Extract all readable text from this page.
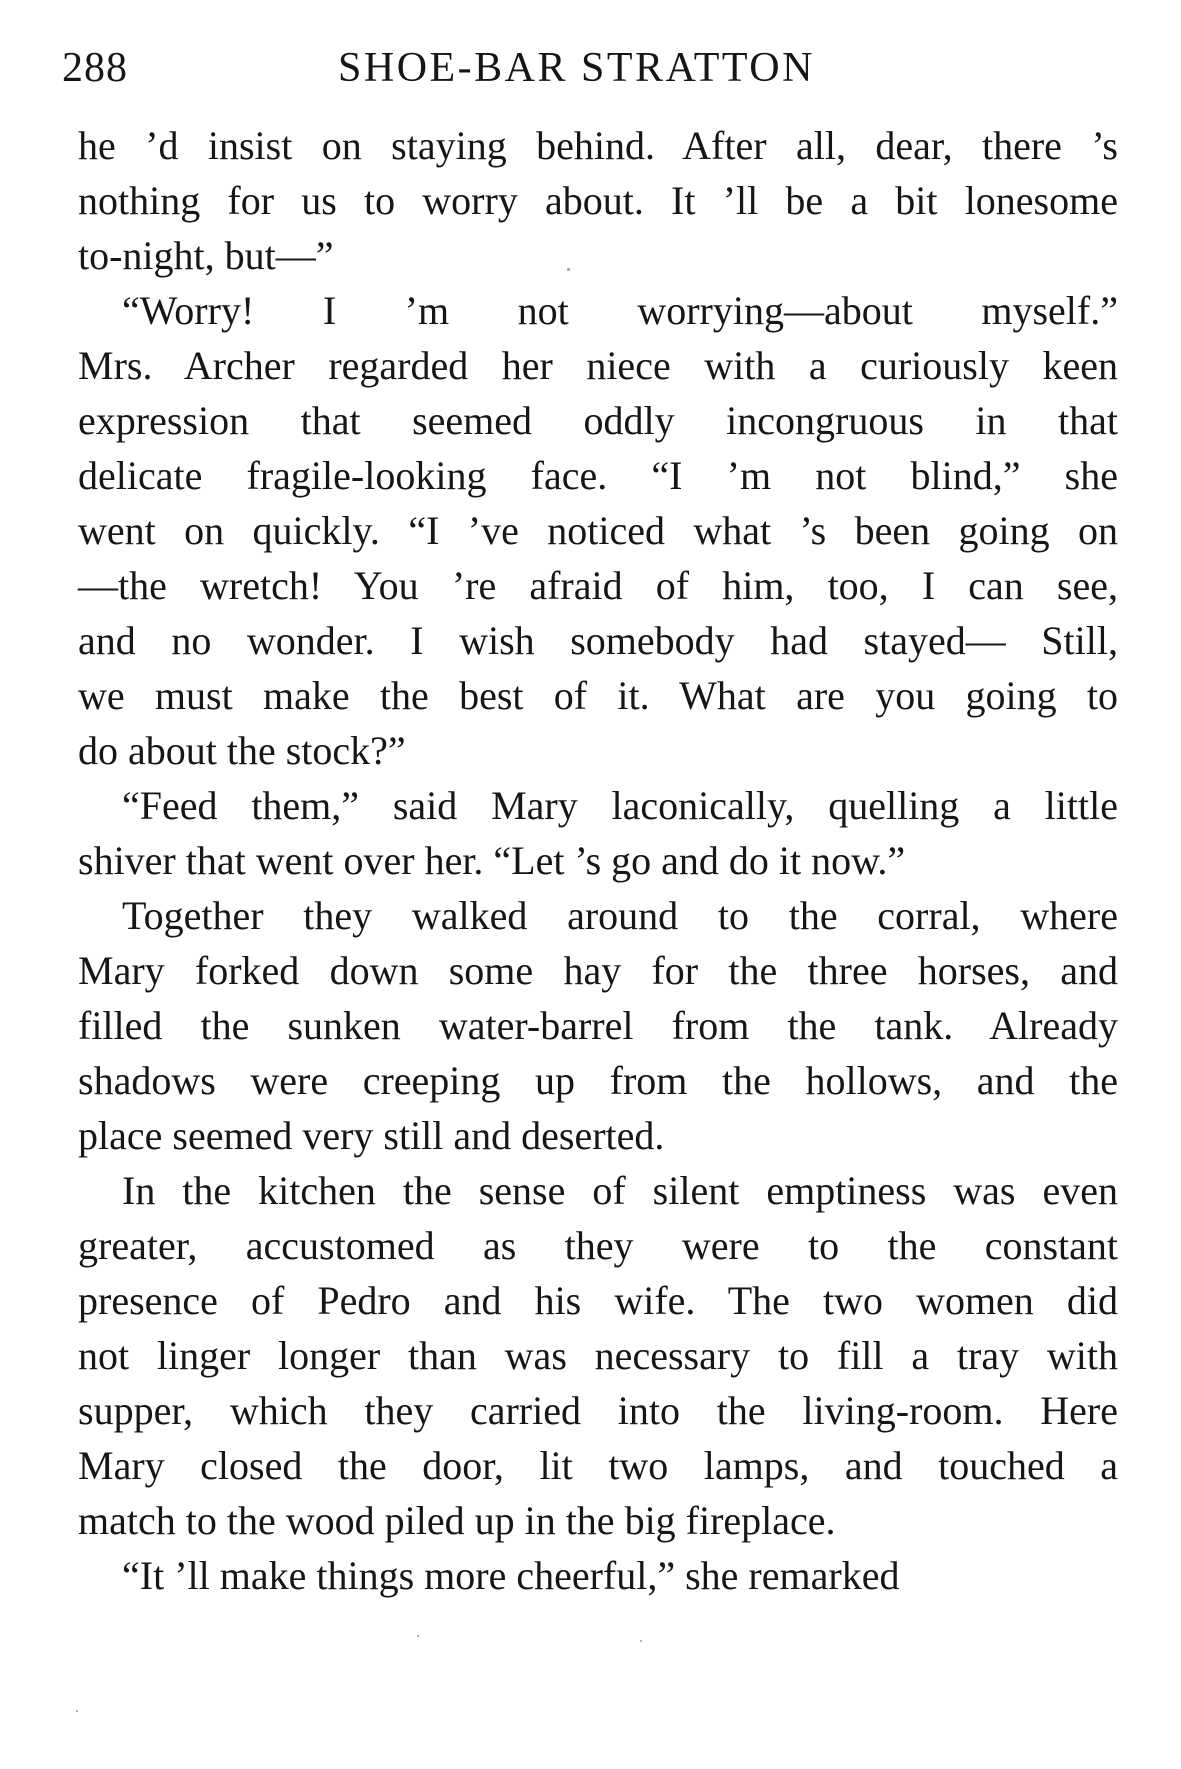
288	SHOE-BAR STRATTON
he ’d insist on staying behind. After all, dear, there ’s
nothing for us to worry about. It ’ll be a bit lonesome
to-night, but—”
“Worry! I ’m not worrying—about myself.”
Mrs. Archer regarded her niece with a curiously keen
expression that seemed oddly incongruous in that
delicate fragile-looking face. “I ’m not blind,” she
went on quickly. “I ’ve noticed what ’s been going on
—the wretch! You ’re afraid of him, too, I can see,
and no wonder. I wish somebody had stayed— Still,
we must make the best of it. What are you going to
do about the stock?”
“Feed them,” said Mary laconically, quelling a little
shiver that went over her. “Let ’s go and do it now.”
Together they walked around to the corral, where
Mary forked down some hay for the three horses, and
filled the sunken water-barrel from the tank. Already
shadows were creeping up from the hollows, and the
place seemed very still and deserted.
In the kitchen the sense of silent emptiness was even
greater, accustomed as they were to the constant
presence of Pedro and his wife. The two women did
not linger longer than was necessary to fill a tray with
supper, which they carried into the living-room. Here
Mary closed the door, lit two lamps, and touched a
match to the wood piled up in the big fireplace.
“It ’ll make things more cheerful,” she remarked
